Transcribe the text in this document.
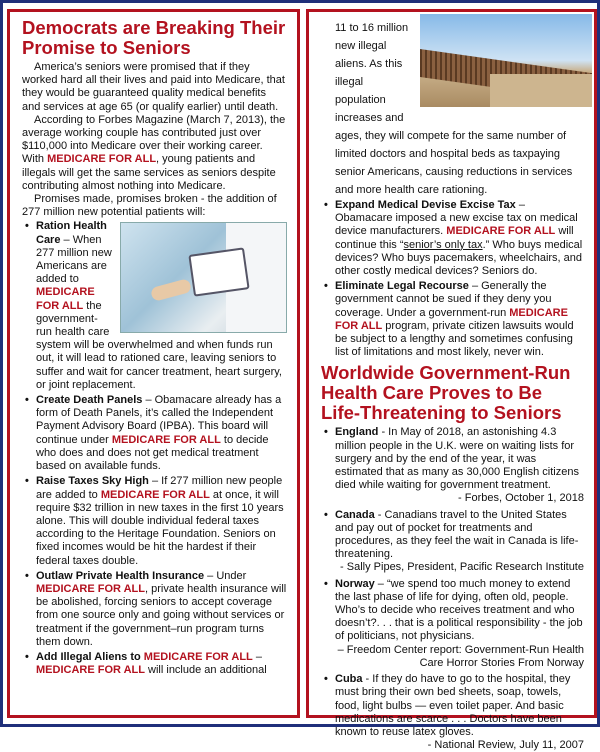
Democrats are Breaking Their Promise to Seniors

America’s seniors were promised that if they worked hard all their lives and paid into Medicare, that they would be guaranteed quality medical benefits and services at age 65 (or qualify earlier) until death.

According to Forbes Magazine (March 7, 2013), the average working couple has contributed just over $110,000 into Medicare over their working career. With MEDICARE FOR ALL, young patients and illegals will get the same services as seniors despite contributing almost nothing into Medicare.

Promises made, promises broken - the addition of 277 million new potential patients will:

• Ration Health Care – When 277 million new Americans are added to MEDICARE FOR ALL the government-run health care system will be overwhelmed and when funds run out, it will lead to rationed care, leaving seniors to suffer and wait for cancer treatment, heart surgery, or joint replacement.
• Create Death Panels – Obamacare already has a form of Death Panels, it’s called the Independent Payment Advisory Board (IPBA). This board will continue under MEDICARE FOR ALL to decide who does and does not get medical treatment based on available funds.
• Raise Taxes Sky High – If 277 million new people are added to MEDICARE FOR ALL at once, it will require $32 trillion in new taxes in the first 10 years alone. This will double individual federal taxes according to the Heritage Foundation. Seniors on fixed incomes would be hit the hardest if their federal taxes double.
• Outlaw Private Health Insurance – Under MEDICARE FOR ALL, private health insurance will be abolished, forcing seniors to accept coverage from one source only and going without services or treatment if the government–run program turns them down.
• Add Illegal Aliens to MEDICARE FOR ALL – MEDICARE FOR ALL will include an additional
11 to 16 million new illegal aliens. As this illegal population increases and ages, they will compete for the same number of limited doctors and hospital beds as taxpaying senior Americans, causing reductions in services and more health care rationing.
• Expand Medical Devise Excise Tax – Obamacare imposed a new excise tax on medical device manufacturers. MEDICARE FOR ALL will continue this “senior’s only tax.” Who buys medical devices? Who buys pacemakers, wheelchairs, and other costly medical devices? Seniors do.
• Eliminate Legal Recourse – Generally the government cannot be sued if they deny you coverage. Under a government-run MEDICARE FOR ALL program, private citizen lawsuits would be subject to a lengthy and sometimes confusing list of limitations and most likely, never win.
Worldwide Government-Run Health Care Proves to Be Life-Threatening to Seniors
• England - In May of 2018, an astonishing 4.3 million people in the U.K. were on waiting lists for surgery and by the end of the year, it was estimated that as many as 30,000 English citizens died while waiting for government treatment.
- Forbes, October 1, 2018
• Canada - Canadians travel to the United States and pay out of pocket for treatments and procedures, as they feel the wait in Canada is life-threatening.
- Sally Pipes, President, Pacific Research Institute
• Norway – “we spend too much money to extend the last phase of life for dying, often old, people. Who’s to decide who receives treatment and who doesn’t?. . . that is a political responsibility - the job of politicians, not physicians.
– Freedom Center report: Government-Run Health Care Horror Stories From Norway
• Cuba - If they do have to go to the hospital, they must bring their own bed sheets, soap, towels, food, light bulbs — even toilet paper. And basic medications are scarce . . . Doctors have been known to reuse latex gloves.
- National Review, July 11, 2007
